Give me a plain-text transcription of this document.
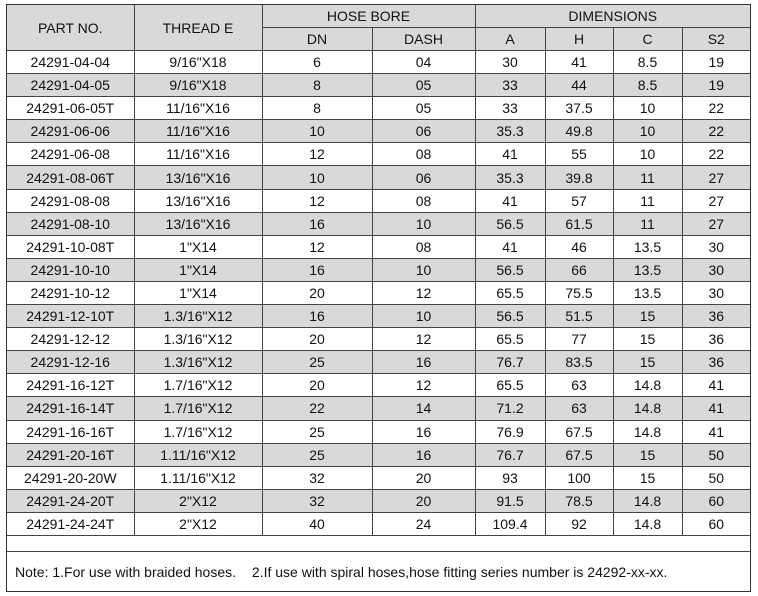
PART NO.	THREAD E	HOSE BORE		DIMENSIONS			
		DN	DASH	A	H	C	S2
24291-04-04	9/16"X18	6	04	30	41	8.5	19
24291-04-05	9/16"X18	8	05	33	44	8.5	19
24291-06-05T	11/16"X16	8	05	33	37.5	10	22
24291-06-06	11/16"X16	10	06	35.3	49.8	10	22
24291-06-08	11/16"X16	12	08	41	55	10	22
24291-08-06T	13/16"X16	10	06	35.3	39.8	11	27
24291-08-08	13/16"X16	12	08	41	57	11	27
24291-08-10	13/16"X16	16	10	56.5	61.5	11	27
24291-10-08T	1"X14	12	08	41	46	13.5	30
24291-10-10	1"X14	16	10	56.5	66	13.5	30
24291-10-12	1"X14	20	12	65.5	75.5	13.5	30
24291-12-10T	1.3/16"X12	16	10	56.5	51.5	15	36
24291-12-12	1.3/16"X12	20	12	65.5	77	15	36
24291-12-16	1.3/16"X12	25	16	76.7	83.5	15	36
24291-16-12T	1.7/16"X12	20	12	65.5	63	14.8	41
24291-16-14T	1.7/16"X12	22	14	71.2	63	14.8	41
24291-16-16T	1.7/16"X12	25	16	76.9	67.5	14.8	41
24291-20-16T	1.11/16"X12	25	16	76.7	67.5	15	50
24291-20-20W	1.11/16"X12	32	20	93	100	15	50
24291-24-20T	2"X12	32	20	91.5	78.5	14.8	60
24291-24-24T	2"X12	40	24	109.4	92	14.8	60
Note: 1.For use with braided hoses. 2.If use with spiral hoses,hose fitting series number is 24292-xx-xx.
